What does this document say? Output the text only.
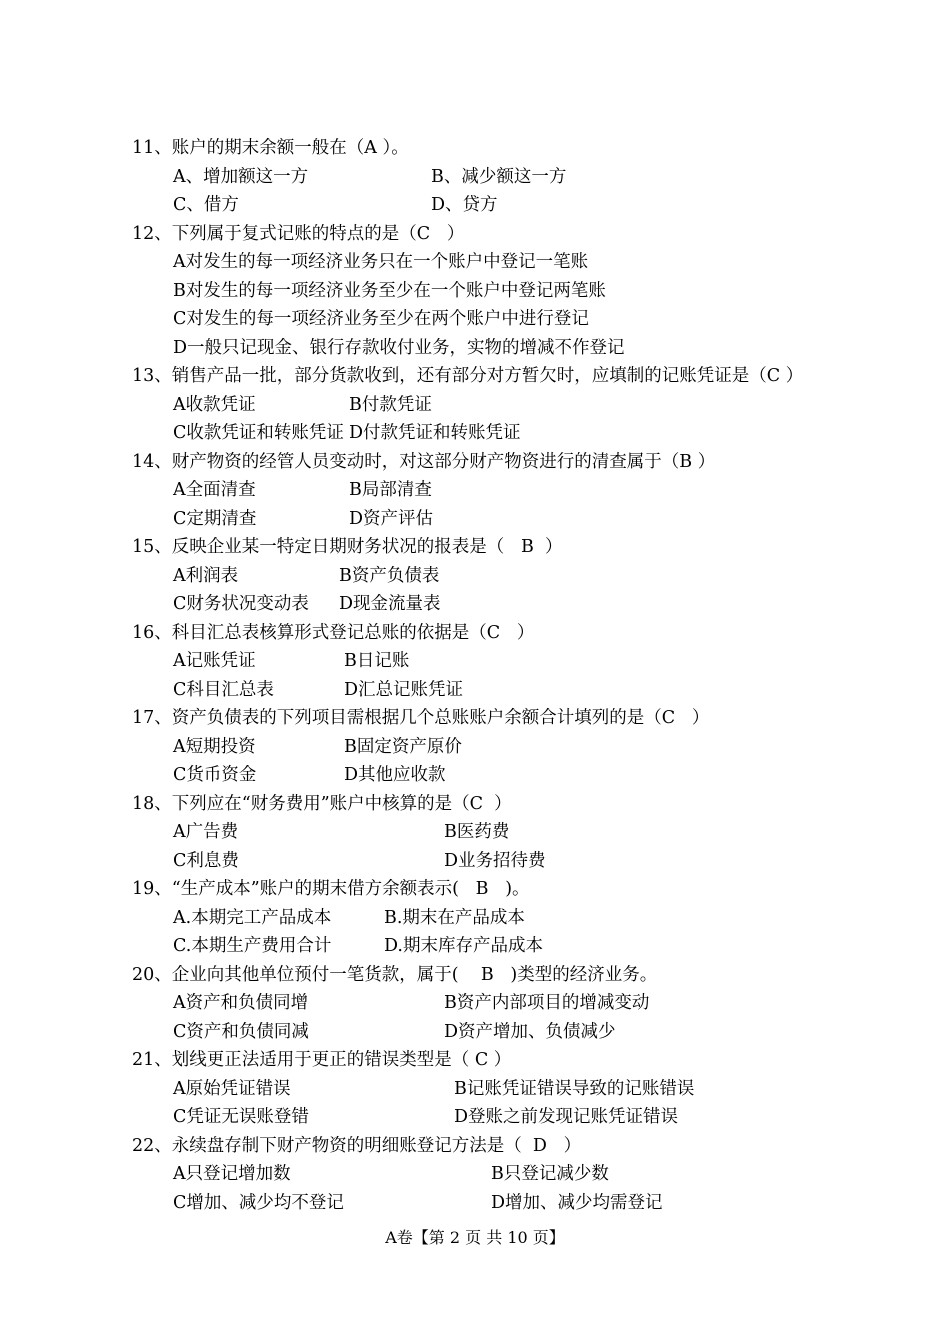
11、账户的期末余额一般在（A ）。
A、增加额这一方	B、减少额这一方
C、借方	D、贷方
12、下列属于复式记账的特点的是（C   ）
A对发生的每一项经济业务只在一个账户中登记一笔账
B对发生的每一项经济业务至少在一个账户中登记两笔账
C对发生的每一项经济业务至少在两个账户中进行登记
D一般只记现金、银行存款收付业务，实物的增减不作登记
13、销售产品一批，部分货款收到，还有部分对方暂欠时，应填制的记账凭证是（C ）
A收款凭证	B付款凭证
C收款凭证和转账凭证 D付款凭证和转账凭证
14、财产物资的经管人员变动时，对这部分财产物资进行的清查属于（B ）
A全面清查	B局部清查
C定期清查	D资产评估
15、反映企业某一特定日期财务状况的报表是（   B  ）
A利润表	B资产负债表
C财务状况变动表 D现金流量表
16、科目汇总表核算形式登记总账的依据是（C   ）
A记账凭证	B日记账
C科目汇总表	D汇总记账凭证
17、资产负债表的下列项目需根据几个总账账户余额合计填列的是（C   ）
A短期投资	B固定资产原价
C货币资金	D其他应收款
18、下列应在“财务费用”账户中核算的是（C  ）
A广告费	B医药费
C利息费	D业务招待费
19、“生产成本”账户的期末借方余额表示(   B   )。
A.本期完工产品成本	B.期末在产品成本
C.本期生产费用合计	D.期末库存产品成本
20、企业向其他单位预付一笔货款，属于(    B   )类型的经济业务。
A资产和负债同增	B资产内部项目的增减变动
C资产和负债同减	D资产增加、负债减少
21、划线更正法适用于更正的错误类型是（ C ）
A原始凭证错误	B记账凭证错误导致的记账错误
C凭证无误账登错	D登账之前发现记账凭证错误
22、永续盘存制下财产物资的明细账登记方法是（  D   ）
A只登记增加数	B只登记减少数
C增加、减少均不登记	D增加、减少均需登记
A卷【第 2 页 共 10 页】
